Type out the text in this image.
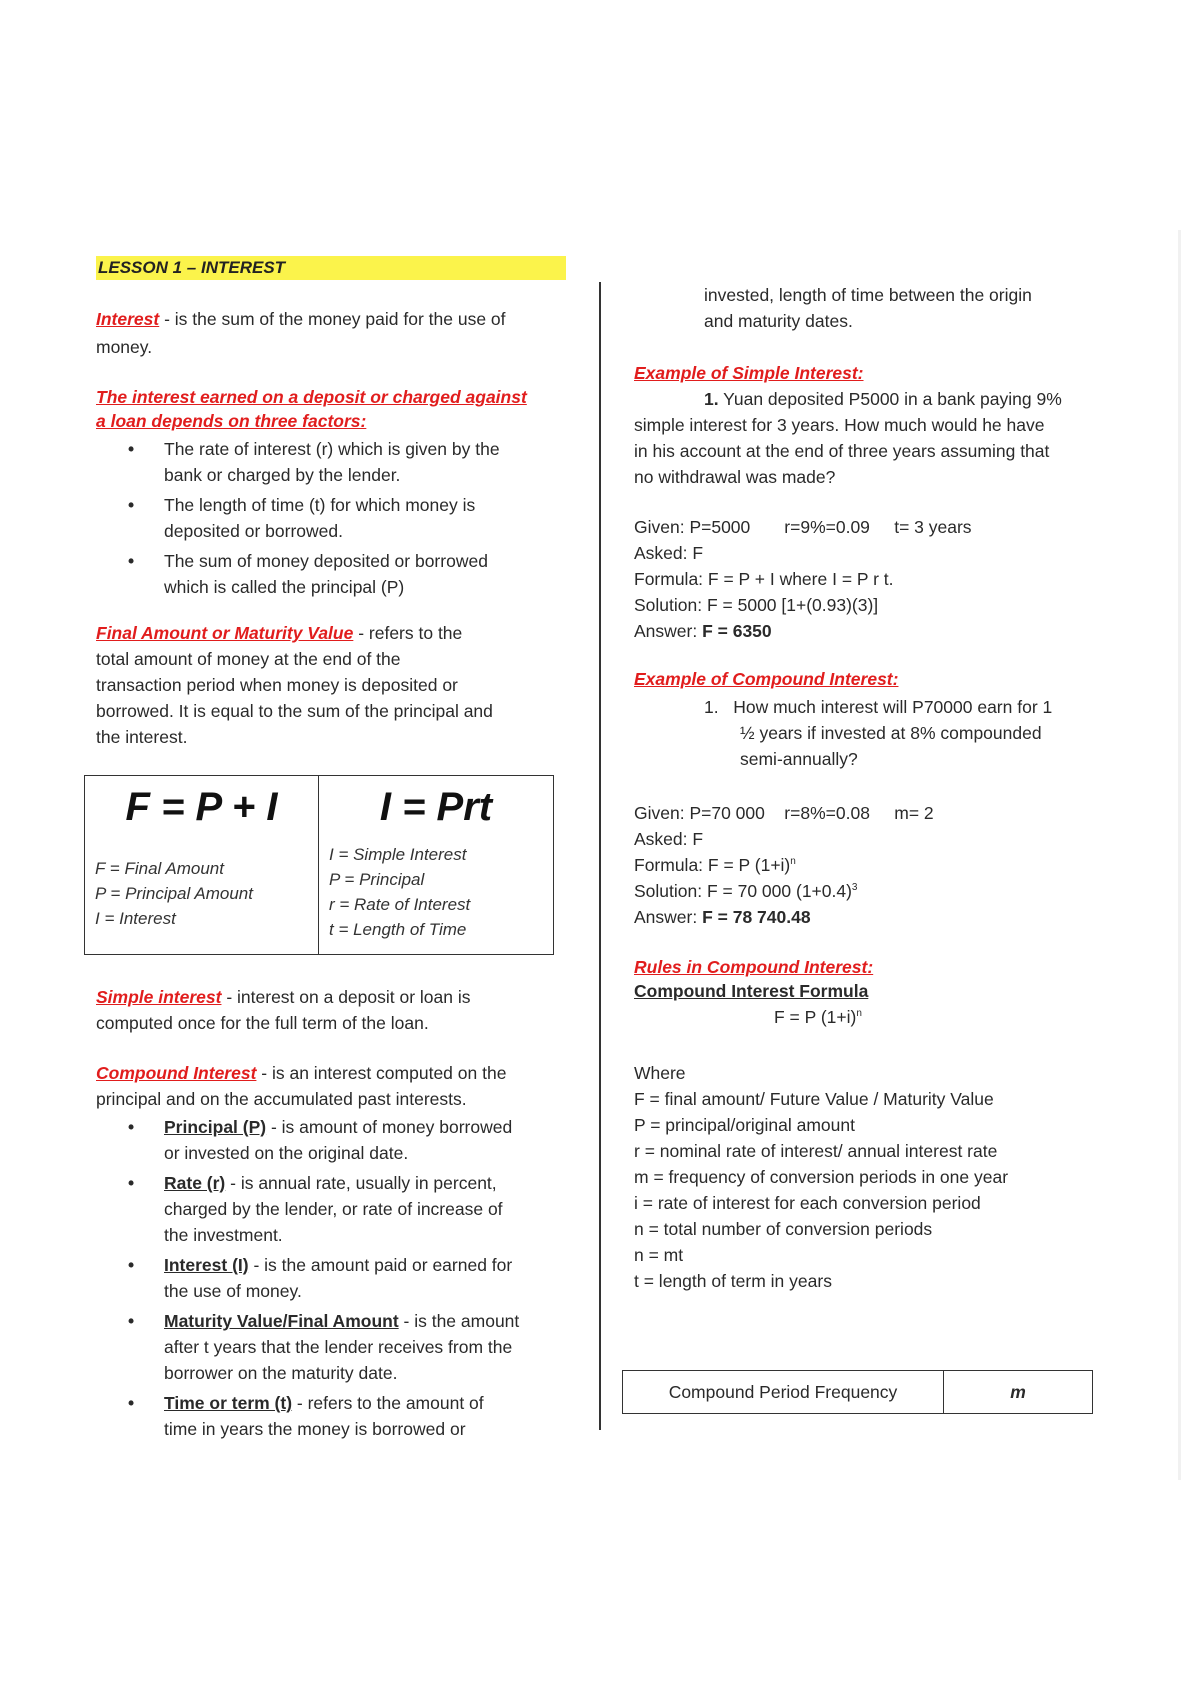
LESSON 1 – INTEREST

Interest - is the sum of the money paid for the use of

money.

The interest earned on a deposit or charged against

a loan depends on three factors:

• The rate of interest (r) which is given by the
bank or charged by the lender.
• The length of time (t) for which money is
deposited or borrowed.
• The sum of money deposited or borrowed
which is called the principal (P)

Final Amount or Maturity Value - refers to the

total amount of money at the end of the
transaction period when money is deposited or
borrowed. It is equal to the sum of the principal and
the interest.
F = P + I
F = Final Amount
P = Principal Amount
I = Interest
I = Prt
I = Simple Interest
P = Principal
r = Rate of Interest
t = Length of Time

Simple interest - interest on a deposit or loan is

computed once for the full term of the loan.

Compound Interest - is an interest computed on the

principal and on the accumulated past interests.

• Principal (P) - is amount of money borrowed
or invested on the original date.
• Rate (r) - is annual rate, usually in percent,
charged by the lender, or rate of increase of
the investment.
• Interest (I) - is the amount paid or earned for
the use of money.
• Maturity Value/Final Amount - is the amount
after t years that the lender receives from the
borrower on the maturity date.
• Time or term (t) - refers to the amount of
time in years the money is borrowed or
invested, length of time between the origin
and maturity dates.

Example of Simple Interest:

1. Yuan deposited P5000 in a bank paying 9%

simple interest for 3 years. How much would he have
in his account at the end of three years assuming that
no withdrawal was made?
Given: P=5000       r=9%=0.09     t= 3 years
Asked: F
Formula: F = P + I where I = P r t.
Solution: F = 5000 [1+(0.93)(3)]
Answer: F = 6350

Example of Compound Interest:

1. How much interest will P70000 earn for 1
½ years if invested at 8% compounded
semi-annually?
Given: P=70 000    r=8%=0.08     m= 2
Asked: F
Formula: F = P $(1+i)^n$
Solution: F = 70 000 $(1+0.4)^3$
Answer: F = 78 740.48

Rules in Compound Interest:

Compound Interest Formula

F = P $(1+i)^n$

Where
F = final amount/ Future Value / Maturity Value
P = principal/original amount
r = nominal rate of interest/ annual interest rate
m = frequency of conversion periods in one year
i = rate of interest for each conversion period
n = total number of conversion periods
n = mt
t = length of term in years
Compound Period Frequency	m
